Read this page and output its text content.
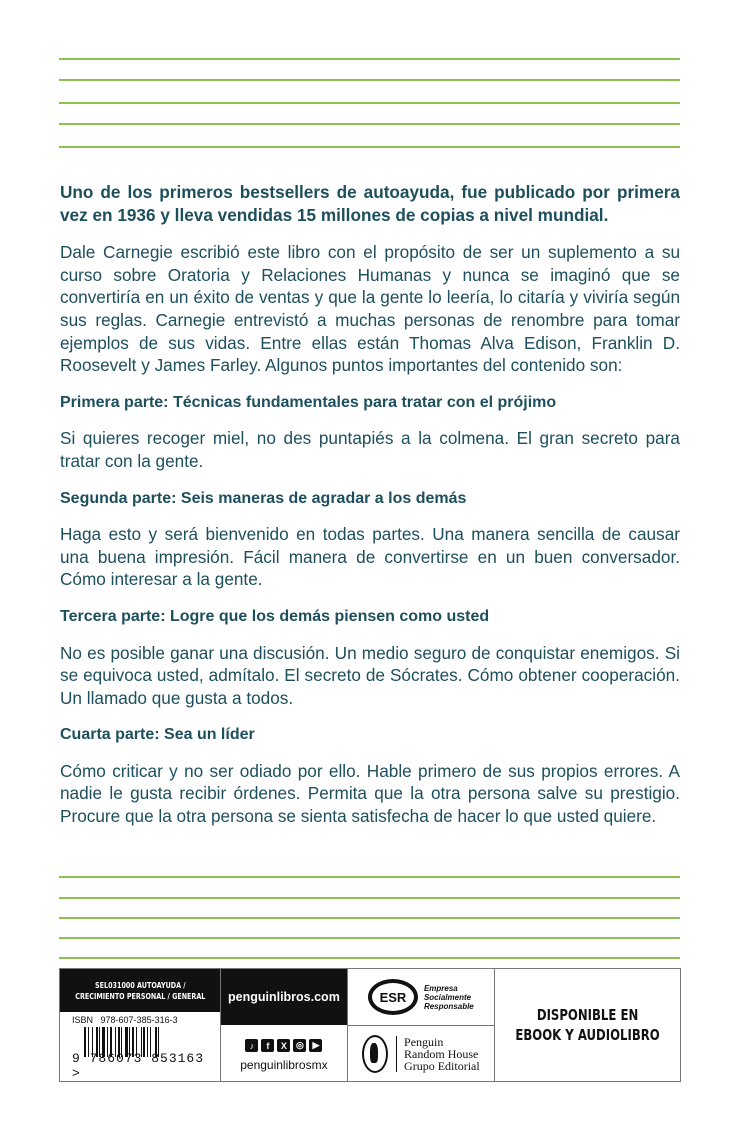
Uno de los primeros bestsellers de autoayuda, fue publicado por primera vez en 1936 y lleva vendidas 15 millones de copias a nivel mundial.

Dale Carnegie escribió este libro con el propósito de ser un suplemento a su curso sobre Oratoria y Relaciones Humanas y nunca se imaginó que se convertiría en un éxito de ventas y que la gente lo leería, lo citaría y viviría según sus reglas. Carnegie entrevistó a muchas personas de renombre para tomar ejemplos de sus vidas. Entre ellas están Thomas Alva Edison, Franklin D. Roosevelt y James Farley. Algunos puntos importantes del contenido son:

Primera parte: Técnicas fundamentales para tratar con el prójimo

Si quieres recoger miel, no des puntapiés a la colmena. El gran secreto para tratar con la gente.

Segunda parte: Seis maneras de agradar a los demás

Haga esto y será bienvenido en todas partes. Una manera sencilla de causar una buena impresión. Fácil manera de convertirse en un buen conversador. Cómo interesar a la gente.

Tercera parte: Logre que los demás piensen como usted

No es posible ganar una discusión. Un medio seguro de conquistar enemigos. Si se equivoca usted, admítalo. El secreto de Sócrates. Cómo obtener cooperación. Un llamado que gusta a todos.

Cuarta parte: Sea un líder

Cómo criticar y no ser odiado por ello. Hable primero de sus propios errores. A nadie le gusta recibir órdenes. Permita que la otra persona salve su prestigio. Procure que la otra persona se sienta satisfecha de hacer lo que usted quiere.

SEL031000 AUTOAYUDA /
CRECIMIENTO PERSONAL / GENERAL
ISBN 978-607-385-316-3
9 786073 853163 >
penguinlibros.com
♪	f	X	◎ ▶
penguinlibrosmx
ESR
Empresa
Socialmente
Responsable
Penguin
Random House
Grupo Editorial
DISPONIBLE EN
EBOOK Y AUDIOLIBRO
